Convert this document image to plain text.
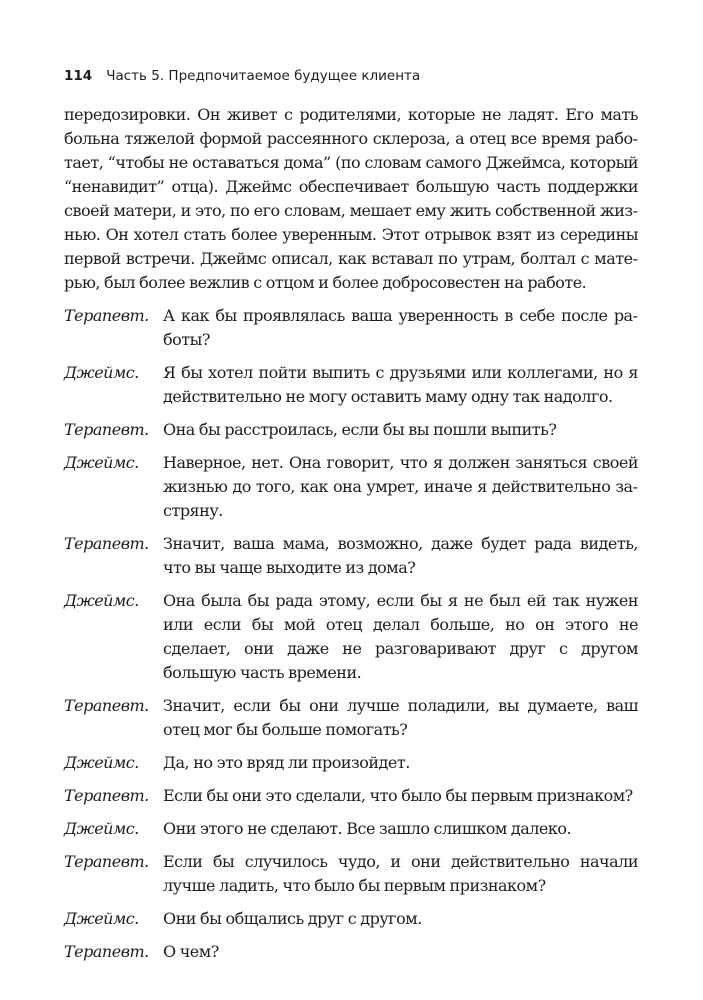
114 Часть 5. Предпочитаемое будущее клиента

передозировки. Он живет с родителями, которые не ладят. Его мать больна тяжелой формой рассеянного склероза, а отец все время работает, “чтобы не оставаться дома” (по словам самого Джеймса, который “ненавидит” отца). Джеймс обеспечивает большую часть поддержки своей матери, и это, по его словам, мешает ему жить собственной жизнью. Он хотел стать более уверенным. Этот отрывок взят из середины первой встречи. Джеймс описал, как вставал по утрам, болтал с матерью, был более вежлив с отцом и более добросовестен на работе.

Терапевт. А как бы проявлялась ваша уверенность в себе после работы?
Джеймс.	Я бы хотел пойти выпить с друзьями или коллегами, но я действительно не могу оставить маму одну так надолго.
Терапевт. Она бы расстроилась, если бы вы пошли выпить?
Джеймс.	Наверное, нет. Она говорит, что я должен заняться своей жизнью до того, как она умрет, иначе я действительно застряну.
Терапевт. Значит, ваша мама, возможно, даже будет рада видеть, что вы чаще выходите из дома?
Джеймс.	Она была бы рада этому, если бы я не был ей так нужен или если бы мой отец делал больше, но он этого не сделает, они даже не разговаривают друг с другом большую часть времени.
Терапевт. Значит, если бы они лучше поладили, вы думаете, ваш отец мог бы больше помогать?
Джеймс.	Да, но это вряд ли произойдет.
Терапевт. Если бы они это сделали, что было бы первым признаком?
Джеймс.	Они этого не сделают. Все зашло слишком далеко.
Терапевт. Если бы случилось чудо, и они действительно начали лучше ладить, что было бы первым признаком?
Джеймс.	Они бы общались друг с другом.
Терапевт. О чем?
